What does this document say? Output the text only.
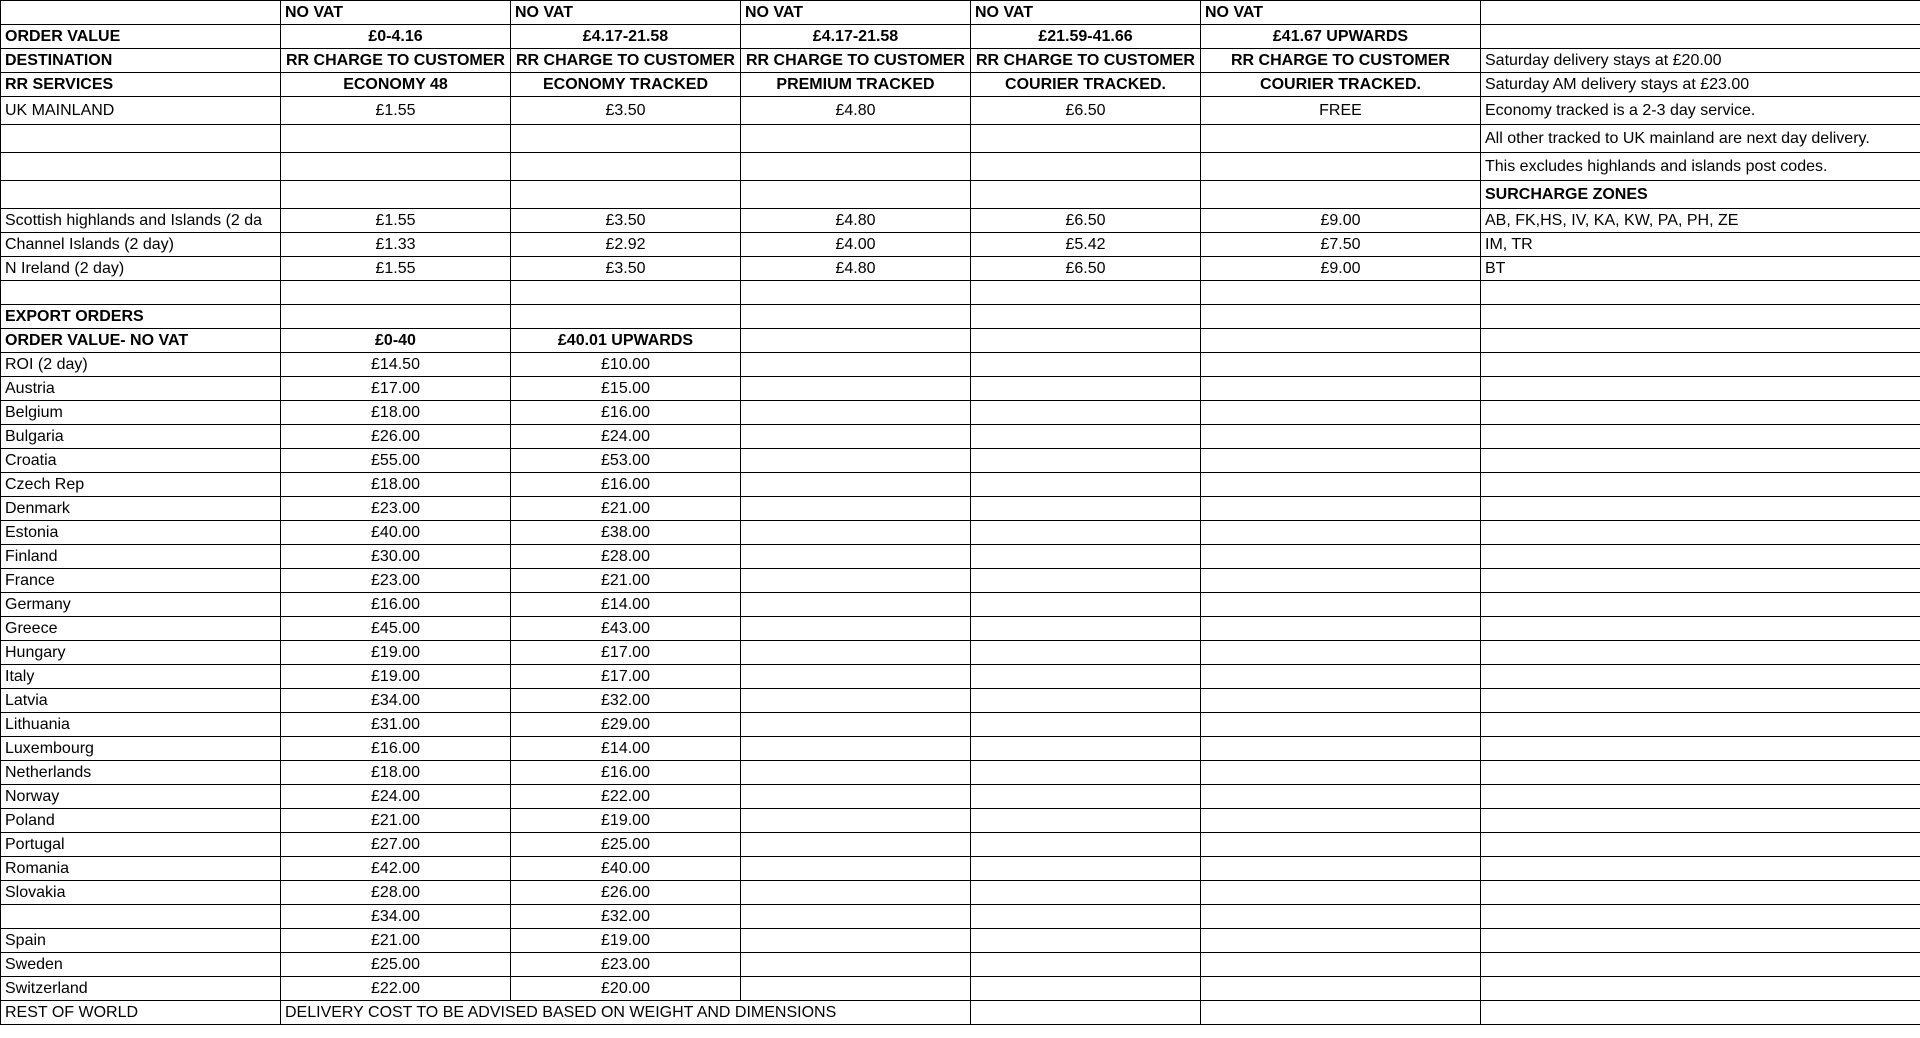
	NO VAT	NO VAT	NO VAT	NO VAT	NO VAT	
ORDER VALUE	£0-4.16	£4.17-21.58	£4.17-21.58	£21.59-41.66	£41.67 UPWARDS	
DESTINATION	RR CHARGE TO CUSTOMER	RR CHARGE TO CUSTOMER	RR CHARGE TO CUSTOMER	RR CHARGE TO CUSTOMER	RR CHARGE TO CUSTOMER	Saturday delivery stays at £20.00
RR SERVICES	ECONOMY 48	ECONOMY TRACKED	PREMIUM TRACKED	COURIER TRACKED.	COURIER TRACKED.	Saturday AM delivery stays at £23.00
UK MAINLAND	£1.55	£3.50	£4.80	£6.50	FREE	Economy tracked is a 2-3 day service.
						All other tracked to UK mainland are next day delivery.
						This excludes highlands and islands post codes.
						SURCHARGE ZONES
Scottish highlands and Islands (2 da	£1.55	£3.50	£4.80	£6.50	£9.00	AB, FK,HS, IV, KA, KW, PA, PH, ZE
Channel Islands (2 day)	£1.33	£2.92	£4.00	£5.42	£7.50	IM, TR
N Ireland (2 day)	£1.55	£3.50	£4.80	£6.50	£9.00	BT

EXPORT ORDERS						
ORDER VALUE- NO VAT	£0-40	£40.01 UPWARDS				
ROI (2 day)	£14.50	£10.00				
Austria	£17.00	£15.00				
Belgium	£18.00	£16.00				
Bulgaria	£26.00	£24.00				
Croatia	£55.00	£53.00				
Czech Rep	£18.00	£16.00				
Denmark	£23.00	£21.00				
Estonia	£40.00	£38.00				
Finland	£30.00	£28.00				
France	£23.00	£21.00				
Germany	£16.00	£14.00				
Greece	£45.00	£43.00				
Hungary	£19.00	£17.00				
Italy	£19.00	£17.00				
Latvia	£34.00	£32.00				
Lithuania	£31.00	£29.00				
Luxembourg	£16.00	£14.00				
Netherlands	£18.00	£16.00				
Norway	£24.00	£22.00				
Poland	£21.00	£19.00				
Portugal	£27.00	£25.00				
Romania	£42.00	£40.00				
Slovakia	£28.00	£26.00				
	£34.00	£32.00				
Spain	£21.00	£19.00				
Sweden	£25.00	£23.00				
Switzerland	£22.00	£20.00				
REST OF WORLD	DELIVERY COST TO BE ADVISED BASED ON WEIGHT AND DIMENSIONS					
